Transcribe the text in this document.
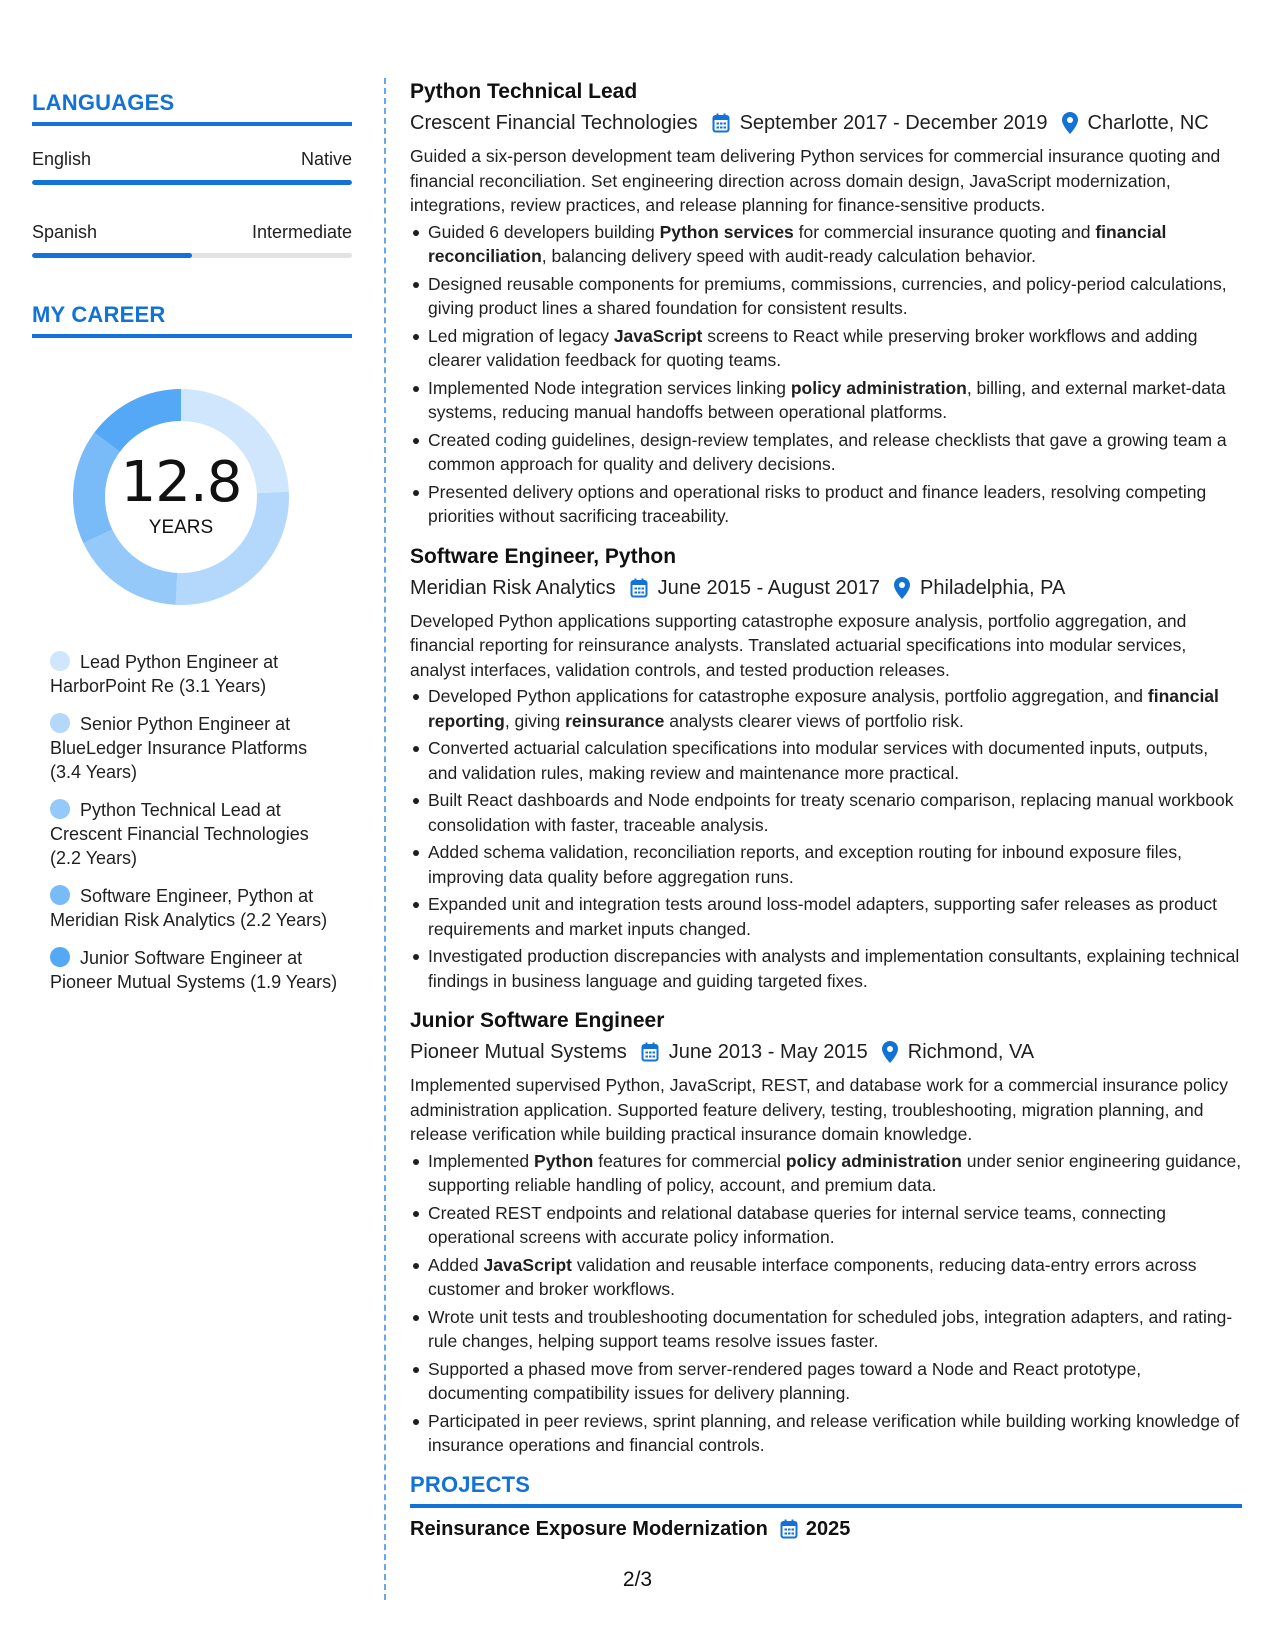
LANGUAGES
English	Native
Spanish	Intermediate
MY CAREER
12.8
YEARS
Lead Python Engineer at HarborPoint Re (3.1 Years)
Senior Python Engineer at BlueLedger Insurance Platforms (3.4 Years)
Python Technical Lead at Crescent Financial Technologies (2.2 Years)
Software Engineer, Python at Meridian Risk Analytics (2.2 Years)
Junior Software Engineer at Pioneer Mutual Systems (1.9 Years)
Python Technical Lead
Crescent Financial Technologies September 2017 - December 2019 Charlotte, NC
Guided a six-person development team delivering Python services for commercial insurance quoting and financial reconciliation. Set engineering direction across domain design, JavaScript modernization, integrations, review practices, and release planning for finance-sensitive products.
Guided 6 developers building Python services for commercial insurance quoting and financial reconciliation, balancing delivery speed with audit-ready calculation behavior.
Designed reusable components for premiums, commissions, currencies, and policy-period calculations, giving product lines a shared foundation for consistent results.
Led migration of legacy JavaScript screens to React while preserving broker workflows and adding clearer validation feedback for quoting teams.
Implemented Node integration services linking policy administration, billing, and external market-data systems, reducing manual handoffs between operational platforms.
Created coding guidelines, design-review templates, and release checklists that gave a growing team a common approach for quality and delivery decisions.
Presented delivery options and operational risks to product and finance leaders, resolving competing priorities without sacrificing traceability.
Software Engineer, Python
Meridian Risk Analytics June 2015 - August 2017 Philadelphia, PA
Developed Python applications supporting catastrophe exposure analysis, portfolio aggregation, and financial reporting for reinsurance analysts. Translated actuarial specifications into modular services, analyst interfaces, validation controls, and tested production releases.
Developed Python applications for catastrophe exposure analysis, portfolio aggregation, and financial reporting, giving reinsurance analysts clearer views of portfolio risk.
Converted actuarial calculation specifications into modular services with documented inputs, outputs, and validation rules, making review and maintenance more practical.
Built React dashboards and Node endpoints for treaty scenario comparison, replacing manual workbook consolidation with faster, traceable analysis.
Added schema validation, reconciliation reports, and exception routing for inbound exposure files, improving data quality before aggregation runs.
Expanded unit and integration tests around loss-model adapters, supporting safer releases as product requirements and market inputs changed.
Investigated production discrepancies with analysts and implementation consultants, explaining technical findings in business language and guiding targeted fixes.
Junior Software Engineer
Pioneer Mutual Systems June 2013 - May 2015 Richmond, VA
Implemented supervised Python, JavaScript, REST, and database work for a commercial insurance policy administration application. Supported feature delivery, testing, troubleshooting, migration planning, and release verification while building practical insurance domain knowledge.
Implemented Python features for commercial policy administration under senior engineering guidance, supporting reliable handling of policy, account, and premium data.
Created REST endpoints and relational database queries for internal service teams, connecting operational screens with accurate policy information.
Added JavaScript validation and reusable interface components, reducing data-entry errors across customer and broker workflows.
Wrote unit tests and troubleshooting documentation for scheduled jobs, integration adapters, and rating-rule changes, helping support teams resolve issues faster.
Supported a phased move from server-rendered pages toward a Node and React prototype, documenting compatibility issues for delivery planning.
Participated in peer reviews, sprint planning, and release verification while building working knowledge of insurance operations and financial controls.
PROJECTS
Reinsurance Exposure Modernization 2025
2/3
